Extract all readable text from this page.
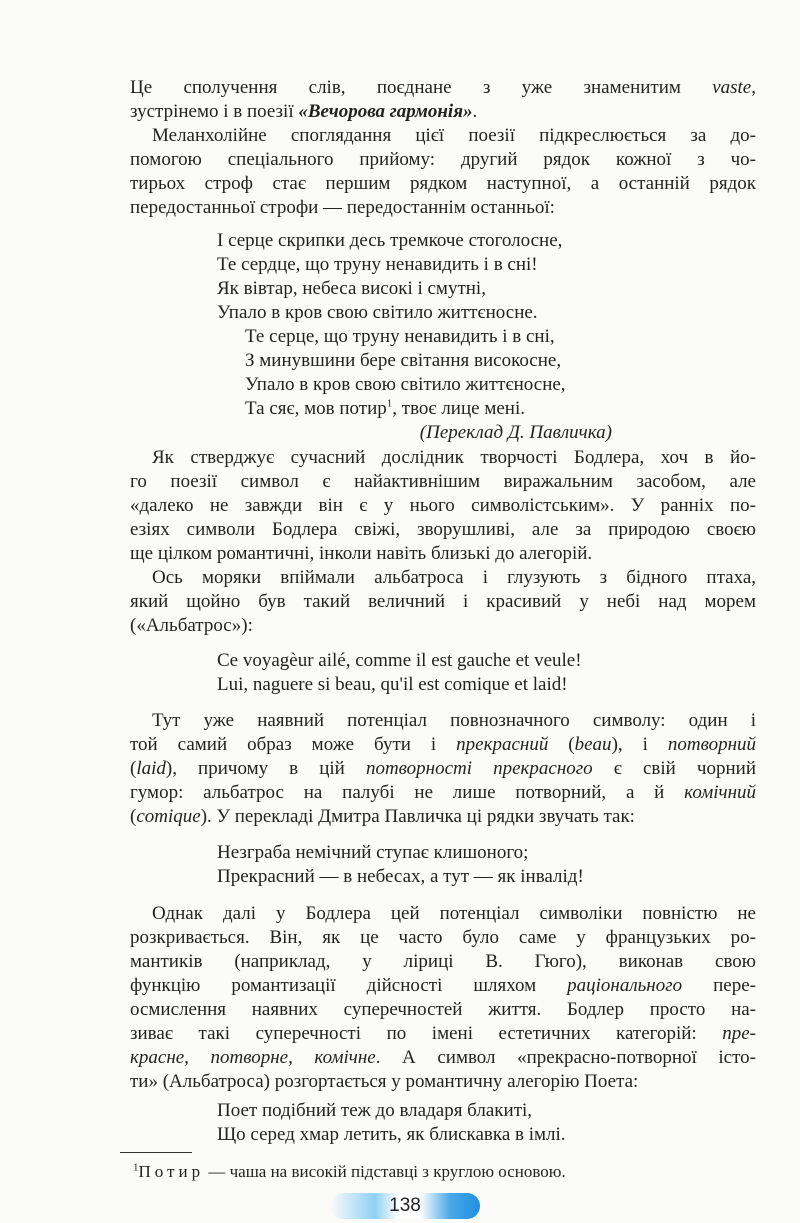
Це сполучення слів, поєднане з уже знаменитим vaste,
зустрінемо і в поезії «Вечорова гармонія».
Меланхолійне споглядання цієї поезії підкреслюється за до-
помогою спеціального прийому: другий рядок кожної з чо-
тирьох строф стає першим рядком наступної, а останній рядок
передостанньої строфи — передостаннім останньої:
І серце скрипки десь тремкоче стоголосне,
Те сердце, що труну ненавидить і в сні!
Як вівтар, небеса високі і смутні,
Упало в кров свою світило життєносне.
Те серце, що труну ненавидить і в сні,
З минувшини бере світання високосне,
Упало в кров свою світило життєносне,
Та сяє, мов потир$^1$, твоє лице мені.
(Переклад Д. Павличка)
Як стверджує сучасний дослідник творчості Бодлера, хоч в йо-
го поезії символ є найактивнішим виражальним засобом, але
«далеко не завжди він є у нього символістським». У ранніх по-
езіях символи Бодлера свіжі, зворушливі, але за природою своєю
ще цілком романтичні, інколи навіть близькі до алегорій.
Ось моряки впіймали альбатроса і глузують з бідного птаха,
який щойно був такий величний і красивий у небі над морем
(«Альбатрос»):
Ce voyagèur ailé, comme il est gauche et veule!
Lui, naguere si beau, qu'il est comique et laid!
Тут уже наявний потенціал повнозначного символу: один і
той самий образ може бути і прекрасний (beau), і потворний
(laid), причому в цій потворності прекрасного є свій чорний
гумор: альбатрос на палубі не лише потворний, а й комічний
(comique). У перекладі Дмитра Павличка ці рядки звучать так:
Незграба немічний ступає клишоного;
Прекрасний — в небесах, а тут — як інвалід!
Однак далі у Бодлера цей потенціал символіки повністю не
розкривається. Він, як це часто було саме у французьких ро-
мантиків (наприклад, у ліриці В. Гюго), виконав свою
функцію романтизації дійсності шляхом раціонального пере-
осмислення наявних суперечностей життя. Бодлер просто на-
зиває такі суперечності по імені естетичних категорій: пре-
красне, потворне, комічне. А символ «прекрасно-потворної істо-
ти» (Альбатроса) розгортається у романтичну алегорію Поета:
Поет подібний теж до владаря блакиті,
Що серед хмар летить, як блискавка в імлі.
$^1$Потир — чаша на високій підставці з круглою основою.
138
